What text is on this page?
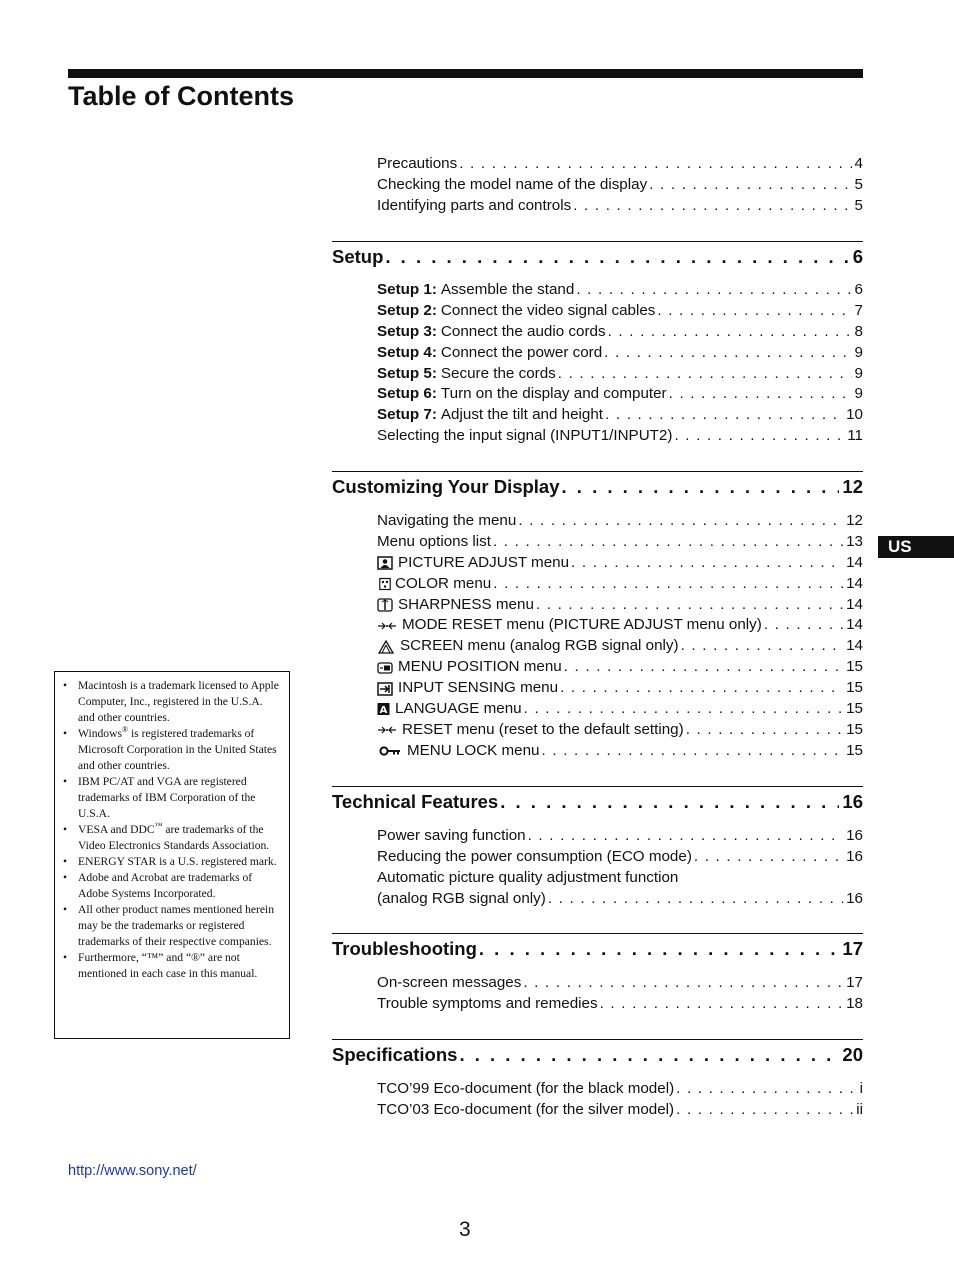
Table of Contents
Precautions . . .	4
Checking the model name of the display . . .	5
Identifying parts and controls . . .	5
Setup . . .	6
Setup 1: Assemble the stand . . .	6
Setup 2: Connect the video signal cables . . .	7
Setup 3: Connect the audio cords . . .	8
Setup 4: Connect the power cord . . .	9
Setup 5: Secure the cords . . .	9
Setup 6: Turn on the display and computer . . .	9
Setup 7: Adjust the tilt and height . . .	10
Selecting the input signal (INPUT1/INPUT2) . . .	11
Customizing Your Display . . .	12
Navigating the menu . . .	12
Menu options list . . .	13
PICTURE ADJUST menu . . .	14
COLOR menu . . .	14
SHARPNESS menu . . .	14
MODE RESET menu (PICTURE ADJUST menu only) . . .	14
SCREEN menu (analog RGB signal only) . . .	14
MENU POSITION menu . . .	15
INPUT SENSING menu . . .	15
A LANGUAGE menu . . .	15
RESET menu (reset to the default setting) . . .	15
MENU LOCK menu . . .	15
Technical Features . . .	16
Power saving function . . .	16
Reducing the power consumption (ECO mode) . . .	16
Automatic picture quality adjustment function
(analog RGB signal only) . . .	16
Troubleshooting . . .	17
On-screen messages . . .	17
Trouble symptoms and remedies . . .	18
Specifications . . .	20
TCO’99 Eco-document (for the black model) . . .	i
TCO’03 Eco-document (for the silver model) . . .	ii
• Macintosh is a trademark licensed to Apple Computer, Inc., registered in the U.S.A. and other countries.
• Windows® is registered trademarks of Microsoft Corporation in the United States and other countries.
• IBM PC/AT and VGA are registered trademarks of IBM Corporation of the U.S.A.
• VESA and DDC™ are trademarks of the Video Electronics Standards Association.
• ENERGY STAR is a U.S. registered mark.
• Adobe and Acrobat are trademarks of Adobe Systems Incorporated.
• All other product names mentioned herein may be the trademarks or registered trademarks of their respective companies.
• Furthermore, “™” and “®” are not mentioned in each case in this manual.
US
http://www.sony.net/
3
